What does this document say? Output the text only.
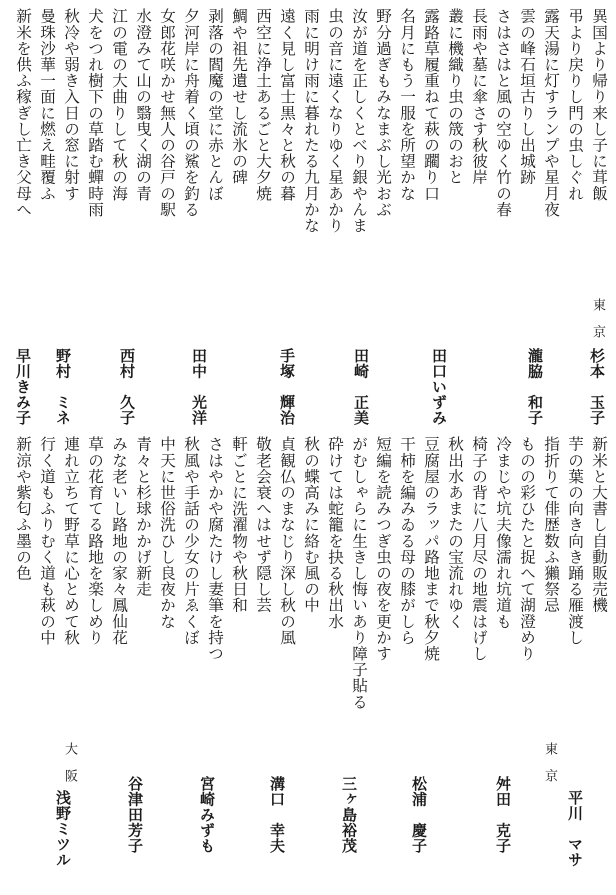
異国より帰り来し子に茸飯
弔より戻りし門の虫しぐれ
露天湯に灯すランプや星月夜
雲の峰石垣古りし出城跡
さはさはと風の空ゆく竹の春
長雨や墓に傘さす秋彼岸
叢に機織り虫の筬のおと
露路草履重ねて萩の躙り口
名月にもう一服を所望かな
野分過ぎもみなまぶし光おぶ
汝が道を正しくとべり銀やんま
虫の音に遠くなりゆく星あかり
雨に明け雨に暮れたる九月かな
遠く見し富士黒々と秋の暮
西空に浄土あるごと大夕焼
鯛や祖先遺せし流氷の碑
剥落の閻魔の堂に赤とんぼ
夕河岸に舟着く頃の鯊を釣る
女郎花咲かせ無人の谷戸の駅
水澄みて山の翳曳く湖の青
江の電の大曲りして秋の海
犬をつれ樹下の草踏む蟬時雨
秋冷や弱き入日の窓に射す
曼珠沙華一面に燃え畦覆ふ
新米を供ふ稼ぎし亡き父母へ
東　京
杉本　玉子
瀧脇　和子
田口いずみ
田崎　正美
手塚　輝治
田中　光洋
西村　久子
野村　ミネ
早川きみ子
新米と大書し自動販売機
芋の葉の向き向き踊る雁渡し
指折りて俳歴数ふ獺祭忌
ものの彩ひたと捉へて湖澄めり
冷まじや坑夫像濡れ坑道も
椅子の背に八月尽の地震はげし
秋出水あまたの宝流れゆく
豆腐屋のラッパ路地まで秋夕焼
干柿を編みゐる母の膝がしら
短編を読みつぎ虫の夜を更かす
がむしゃらに生きし悔いあり障子貼る
砕けては蛇籠を抉る秋出水
秋の蝶高みに絡む風の中
貞観仏のまなじり深し秋の風
敬老会衰へはせず隠し芸
軒ごとに洗濯物や秋日和
さはやかや腐たけし妻筆を持つ
秋風や手話の少女の片ゑくぼ
中天に世俗洗ひし良夜かな
青々と杉球かかげ新走
みな老いし路地の家々鳳仙花
草の花育てる路地を楽しめり
連れ立ちて野草に心とめて秋
行く道もふりむく道も萩の中
新涼や紫匂ふ墨の色
東　京
平川　マサ
舛田　克子
松浦　慶子
三ヶ島裕茂
溝口　幸夫
宮崎みずも
谷津田芳子
大　阪
浅野ミツル
